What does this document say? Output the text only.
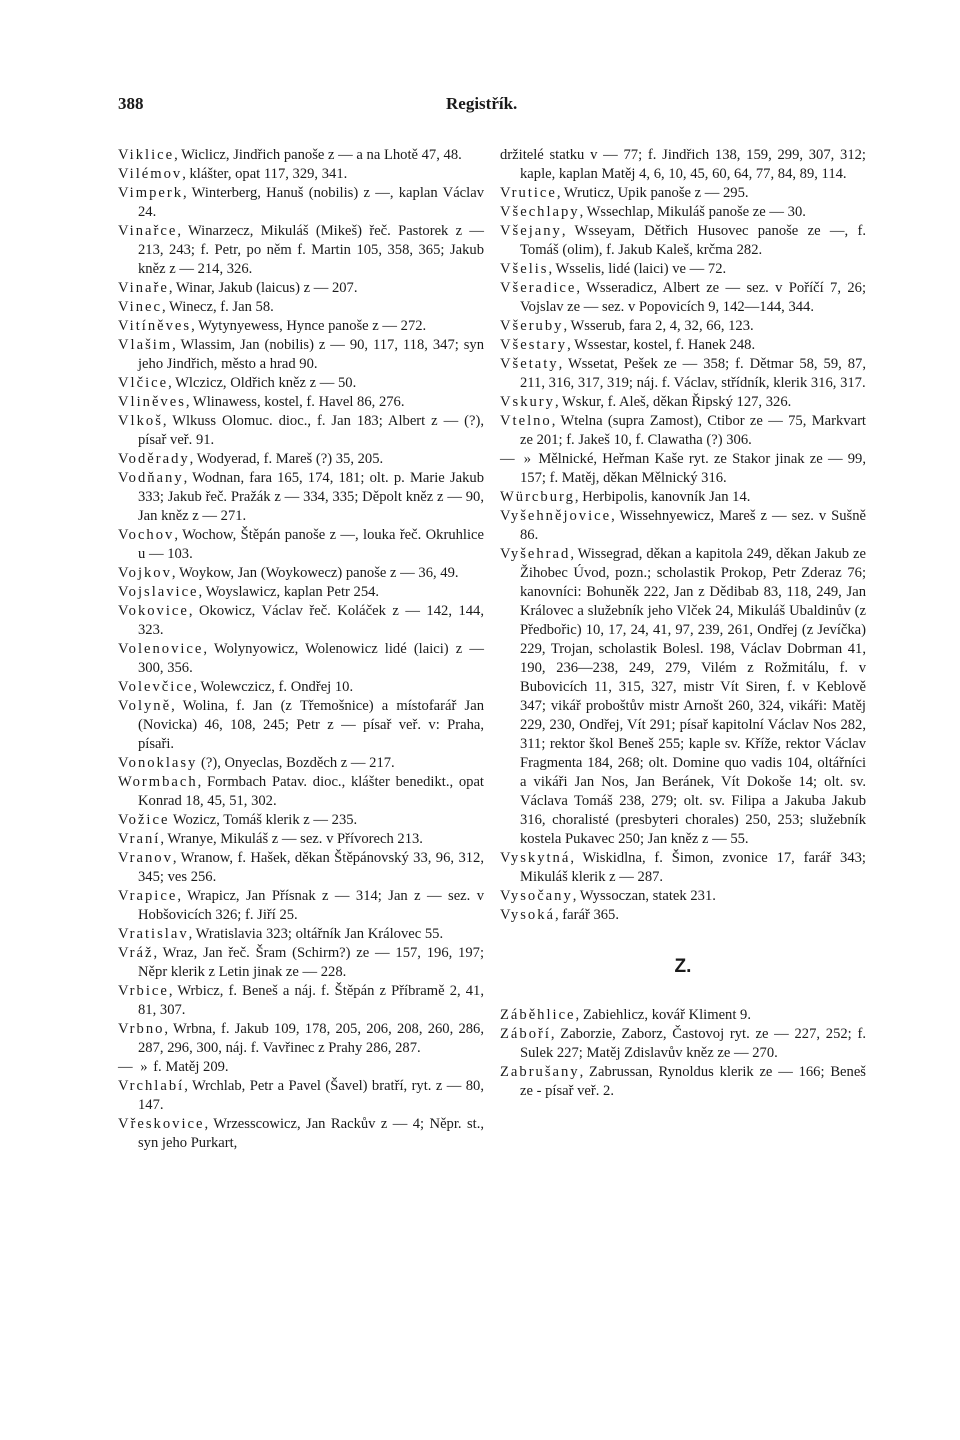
388	Registřík.

Viklice, Wiclicz, Jindřich panoše z — a na Lhotě 47, 48.

Vilémov, klášter, opat 117, 329, 341.

Vimperk, Winterberg, Hanuš (nobilis) z —, kaplan Václav 24.

Vinařce, Winarzecz, Mikuláš (Mikeš) řeč. Pastorek z — 213, 243; f. Petr, po něm f. Martin 105, 358, 365; Jakub kněz z — 214, 326.

Vinaře, Winar, Jakub (laicus) z — 207.

Vinec, Winecz, f. Jan 58.

Vitíněves, Wytynyewess, Hynce panoše z — 272.

Vlašim, Wlassim, Jan (nobilis) z — 90, 117, 118, 347; syn jeho Jindřich, město a hrad 90.

Vlčice, Wlczicz, Oldřich kněz z — 50.

Vliněves, Wlinawess, kostel, f. Havel 86, 276.

Vlkoš, Wlkuss Olomuc. dioc., f. Jan 183; Albert z — (?), písař veř. 91.

Voděrady, Wodyerad, f. Mareš (?) 35, 205.

Vodňany, Wodnan, fara 165, 174, 181; olt. p. Marie Jakub 333; Jakub řeč. Pražák z — 334, 335; Děpolt kněz z — 90, Jan kněz z — 271.

Vochov, Wochow, Štěpán panoše z —, louka řeč. Okruhlice u — 103.

Vojkov, Woykow, Jan (Woykowecz) panoše z — 36, 49.

Vojslavice, Woyslawicz, kaplan Petr 254.

Vokovice, Okowicz, Václav řeč. Koláček z — 142, 144, 323.

Volenovice, Wolynyowicz, Wolenowicz lidé (laici) z — 300, 356.

Volevčice, Wolewczicz, f. Ondřej 10.

Volyně, Wolina, f. Jan (z Třemošnice) a místofarář Jan (Novicka) 46, 108, 245; Petr z — písař veř. v: Praha, písaři.

Vonoklasy (?), Onyeclas, Bozděch z — 217.

Wormbach, Formbach Patav. dioc., klášter benedikt., opat Konrad 18, 45, 51, 302.

Vožice Wozicz, Tomáš klerik z — 235.

Vraní, Wranye, Mikuláš z — sez. v Přívorech 213.

Vranov, Wranow, f. Hašek, děkan Štěpánovský 33, 96, 312, 345; ves 256.

Vrapice, Wrapicz, Jan Přísnak z — 314; Jan z — sez. v Hobšovicích 326; f. Jiří 25.

Vratislav, Wratislavia 323; oltářník Jan Královec 55.

Vráž, Wraz, Jan řeč. Šram (Schirm?) ze — 157, 196, 197; Něpr klerik z Letin jinak ze — 228.

Vrbice, Wrbicz, f. Beneš a náj. f. Štěpán z Příbramě 2, 41, 81, 307.

Vrbno, Wrbna, f. Jakub 109, 178, 205, 206, 208, 260, 286, 287, 296, 300, náj. f. Vavřinec z Prahy 286, 287.

— » f. Matěj 209.

Vrchlabí, Wrchlab, Petr a Pavel (Šavel) bratří, ryt. z — 80, 147.

Vřeskovice, Wrzesscowicz, Jan Rackův z — 4; Něpr. st., syn jeho Purkart,

držitelé statku v — 77; f. Jindřich 138, 159, 299, 307, 312; kaple, kaplan Matěj 4, 6, 10, 45, 60, 64, 77, 84, 89, 114.

Vrutice, Wruticz, Upik panoše z — 295.

Všechlapy, Wssechlap, Mikuláš panoše ze — 30.

Všejany, Wsseyam, Dětřich Husovec panoše ze —, f. Tomáš (olim), f. Jakub Kaleš, krčma 282.

Všelis, Wsselis, lidé (laici) ve — 72.

Všeradice, Wsseradicz, Albert ze — sez. v Poříčí 7, 26; Vojslav ze — sez. v Popovicích 9, 142—144, 344.

Všeruby, Wsserub, fara 2, 4, 32, 66, 123.

Všestary, Wssestar, kostel, f. Hanek 248.

Všetaty, Wssetat, Pešek ze — 358; f. Dětmar 58, 59, 87, 211, 316, 317, 319; náj. f. Václav, střídník, klerik 316, 317.

Vskury, Wskur, f. Aleš, děkan Řipský 127, 326.

Vtelno, Wtelna (supra Zamost), Ctibor ze — 75, Markvart ze 201; f. Jakeš 10, f. Clawatha (?) 306.

— » Mělnické, Heřman Kaše ryt. ze Stakor jinak ze — 99, 157; f. Matěj, děkan Mělnický 316.

Würcburg, Herbipolis, kanovník Jan 14.

Vyšehnějovice, Wissehnyewicz, Mareš z — sez. v Sušně 86.

Vyšehrad, Wissegrad, děkan a kapitola 249, děkan Jakub ze Žihobec Úvod, pozn.; scholastik Prokop, Petr Zderaz 76; kanovníci: Bohuněk 222, Jan z Dědibab 83, 118, 249, Jan Královec a služebník jeho Vlček 24, Mikuláš Ubaldinův (z Předbořic) 10, 17, 24, 41, 97, 239, 261, Ondřej (z Jevíčka) 229, Trojan, scholastik Bolesl. 198, Václav Dobrman 41, 190, 236—238, 249, 279, Vilém z Rožmitálu, f. v Bubovicích 11, 315, 327, mistr Vít Siren, f. v Keblově 347; vikář proboštův mistr Arnošt 260, 324, vikáři: Matěj 229, 230, Ondřej, Vít 291; písař kapitolní Václav Nos 282, 311; rektor škol Beneš 255; kaple sv. Kříže, rektor Václav Fragmenta 184, 268; olt. Domine quo vadis 104, oltářníci a vikáři Jan Nos, Jan Beránek, Vít Dokoše 14; olt. sv. Václava Tomáš 238, 279; olt. sv. Filipa a Jakuba Jakub 316, choralisté (presbyteri chorales) 250, 253; služebník kostela Pukavec 250; Jan kněz z — 55.

Vyskytná, Wiskidlna, f. Šimon, zvonice 17, farář 343; Mikuláš klerik z — 287.

Vysočany, Wyssoczan, statek 231.

Vysoká, farář 365.

Z.

Záběhlice, Zabiehlicz, kovář Kliment 9.

Záboří, Zaborzie, Zaborz, Častovoj ryt. ze — 227, 252; f. Sulek 227; Matěj Zdislavův kněz ze — 270.

Zabrušany, Zabrussan, Rynoldus klerik ze — 166; Beneš ze - písař veř. 2.
